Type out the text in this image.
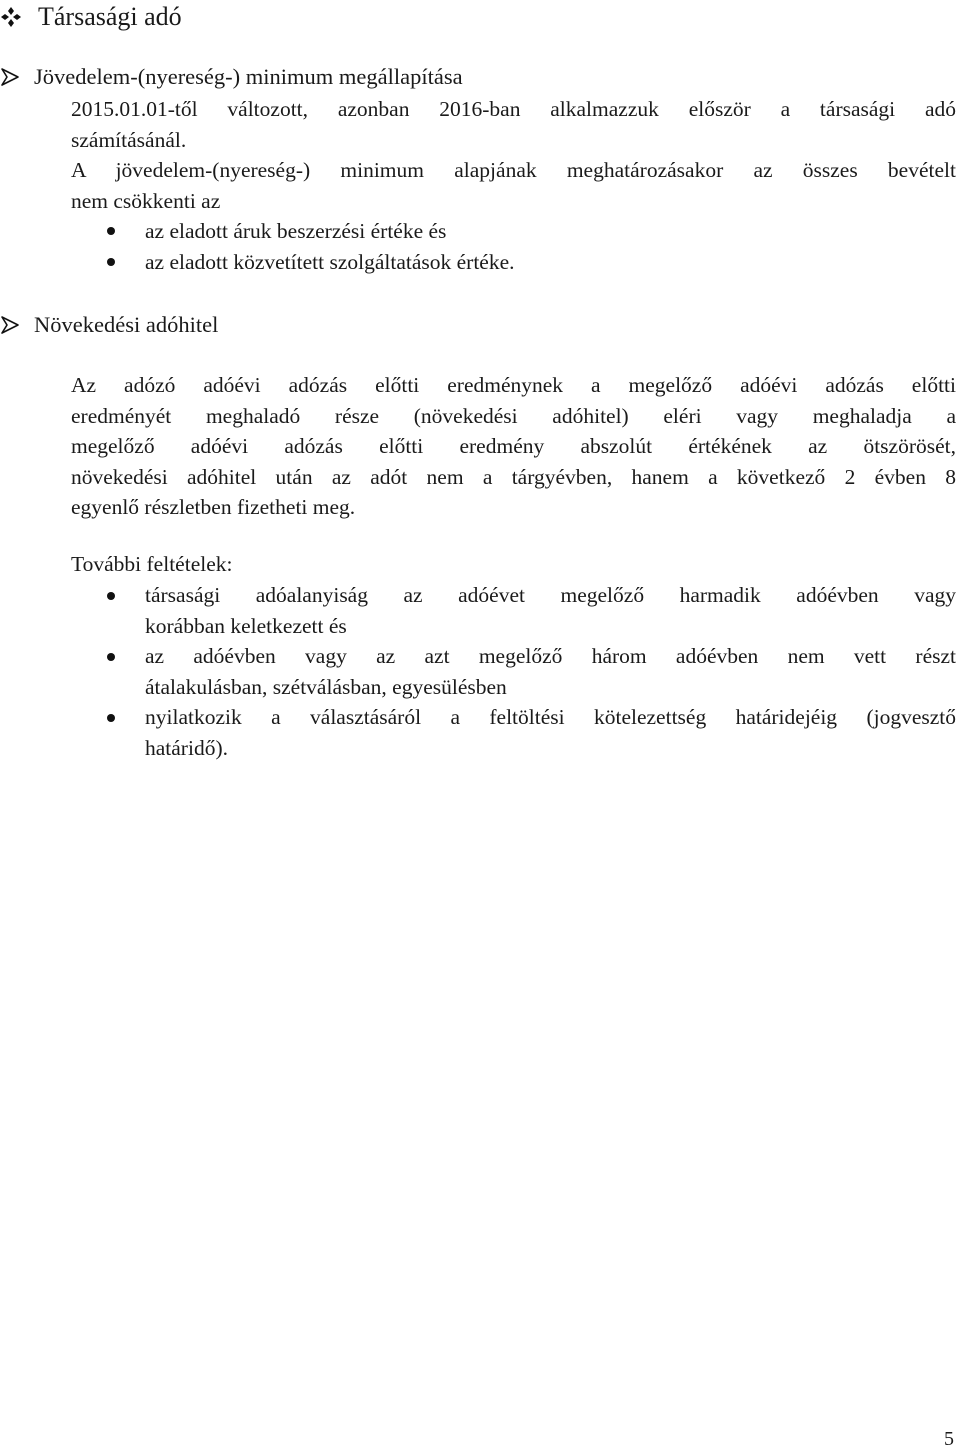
Társasági adó
Jövedelem-(nyereség-) minimum megállapítása
2015.01.01-től változott, azonban 2016-ban alkalmazzuk először a társasági adó
számításánál.
A jövedelem-(nyereség-) minimum alapjának meghatározásakor az összes bevételt
nem csökkenti az
az eladott áruk beszerzési értéke és
az eladott közvetített szolgáltatások értéke.
Növekedési adóhitel
Az adózó adóévi adózás előtti eredménynek a megelőző adóévi adózás előtti
eredményét meghaladó része (növekedési adóhitel) eléri vagy meghaladja a
megelőző adóévi adózás előtti eredmény abszolút értékének az ötszörösét,
növekedési adóhitel után az adót nem a tárgyévben, hanem a következő 2 évben 8
egyenlő részletben fizetheti meg.
További feltételek:
társasági adóalanyiság az adóévet megelőző harmadik adóévben vagy
korábban keletkezett és
az adóévben vagy az azt megelőző három adóévben nem vett részt
átalakulásban, szétválásban, egyesülésben
nyilatkozik a választásáról a feltöltési kötelezettség határidejéig (jogvesztő
határidő).
5
